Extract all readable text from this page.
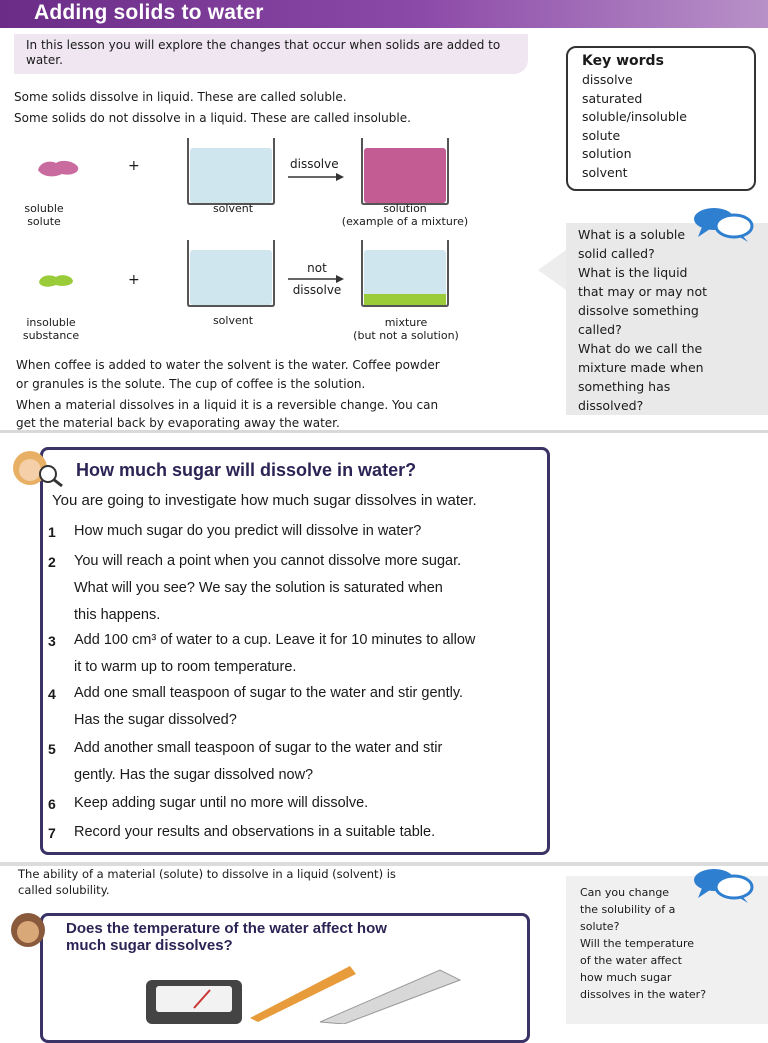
Adding solids to water
In this lesson you will explore the changes that occur when solids are added to water.
Some solids dissolve in liquid. These are called soluble.
Some solids do not dissolve in a liquid. These are called insoluble.
Key words
dissolve
saturated
soluble/insoluble
solute
solution
solvent
What is a soluble
solid called?
What is the liquid
that may or may not
dissolve something
called?
What do we call the
mixture made when
something has
dissolved?
+	dissolve
soluble
solute
solvent	solution
(example of a mixture)
+
not
dissolve
insoluble
substance
solvent	mixture
(but not a solution)
When coffee is added to water the solvent is the water. Coffee powder
or granules is the solute. The cup of coffee is the solution.
When a material dissolves in a liquid it is a reversible change. You can
get the material back by evaporating away the water.
How much sugar will dissolve in water?
You are going to investigate how much sugar dissolves in water.
1	How much sugar do you predict will dissolve in water?
2	You will reach a point when you cannot dissolve more sugar.
What will you see? We say the solution is saturated when
this happens.
3	Add 100 cm³ of water to a cup. Leave it for 10 minutes to allow
it to warm up to room temperature.
4	Add one small teaspoon of sugar to the water and stir gently.
Has the sugar dissolved?
5	Add another small teaspoon of sugar to the water and stir
gently. Has the sugar dissolved now?
6	Keep adding sugar until no more will dissolve.
7	Record your results and observations in a suitable table.
The ability of a material (solute) to dissolve in a liquid (solvent) is
called solubility.	Can you change
the solubility of a
solute?
Will the temperature
of the water affect
how much sugar
dissolves in the water?
Does the temperature of the water affect how
much sugar dissolves?
